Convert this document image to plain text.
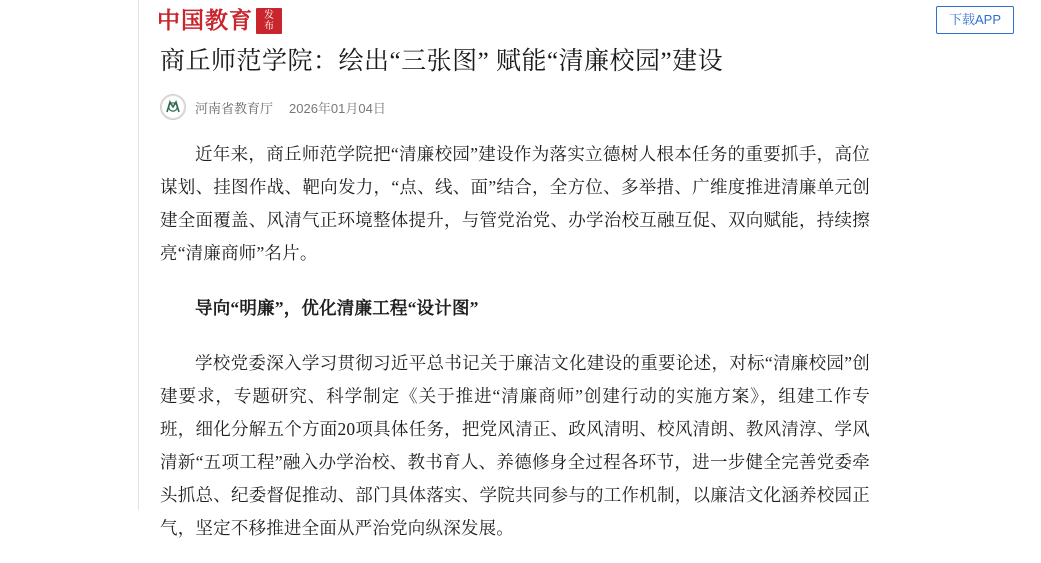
中国教育	发
布	下载APP
商丘师范学院：绘出“三张图” 赋能“清廉校园”建设
河南省教育厅 2026年01月04日

近年来，商丘师范学院把“清廉校园”建设作为落实立德树人根本任务的重要抓手，高位谋划、挂图作战、靶向发力，“点、线、面”结合，全方位、多举措、广维度推进清廉单元创建全面覆盖、风清气正环境整体提升，与管党治党、办学治校互融互促、双向赋能，持续擦亮“清廉商师”名片。

导向“明廉”，优化清廉工程“设计图”

学校党委深入学习贯彻习近平总书记关于廉洁文化建设的重要论述，对标“清廉校园”创建要求，专题研究、科学制定《关于推进“清廉商师”创建行动的实施方案》，组建工作专班，细化分解五个方面20项具体任务，把党风清正、政风清明、校风清朗、教风清淳、学风清新“五项工程”融入办学治校、教书育人、养德修身全过程各环节，进一步健全完善党委牵头抓总、纪委督促推动、部门具体落实、学院共同参与的工作机制，以廉洁文化涵养校园正气，坚定不移推进全面从严治党向纵深发展。
